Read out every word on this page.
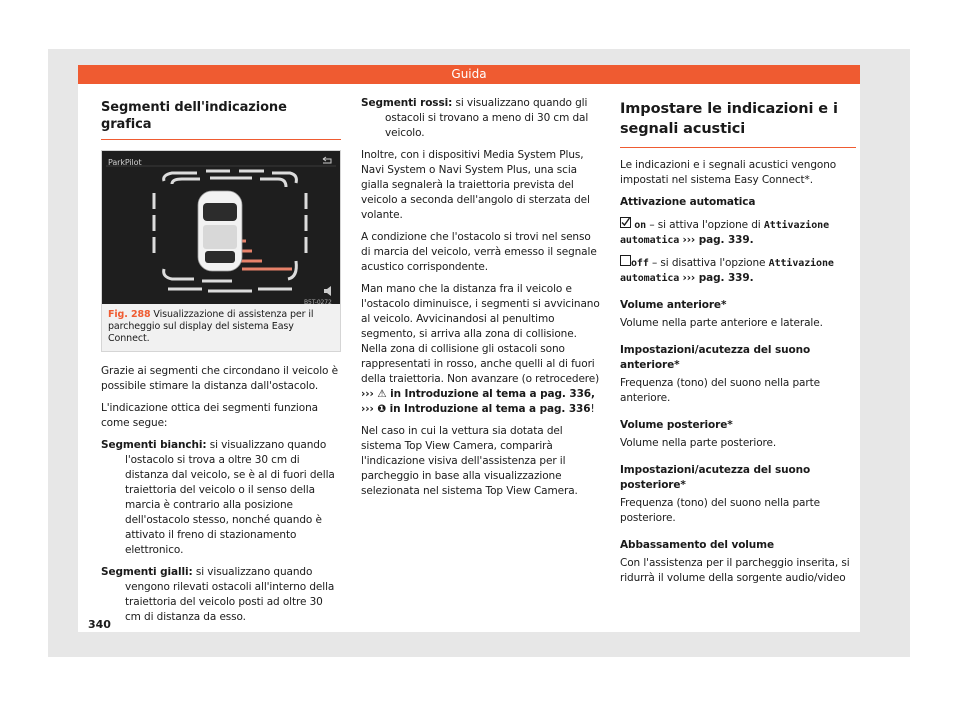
Guida
Segmenti dell'indicazione grafica
ParkPilot
B5T-0272
Fig. 288 Visualizzazione di assistenza per il parcheggio sul display del sistema Easy Connect.

Grazie ai segmenti che circondano il veicolo è possibile stimare la distanza dall'ostacolo.

L'indicazione ottica dei segmenti funziona come segue:

Segmenti bianchi: si visualizzano quando l'ostacolo si trova a oltre 30 cm di distanza dal veicolo, se è al di fuori della traiettoria del veicolo o il senso della marcia è contrario alla posizione dell'ostacolo stesso, nonché quando è attivato il freno di stazionamento elettronico.
Segmenti gialli: si visualizzano quando vengono rilevati ostacoli all'interno della traiettoria del veicolo posti ad oltre 30 cm di distanza da esso.
Segmenti rossi: si visualizzano quando gli ostacoli si trovano a meno di 30 cm dal veicolo.

Inoltre, con i dispositivi Media System Plus, Navi System o Navi System Plus, una scia gialla segnalerà la traiettoria prevista del veicolo a seconda dell'angolo di sterzata del volante.

A condizione che l'ostacolo si trovi nel senso di marcia del veicolo, verrà emesso il segnale acustico corrispondente.

Man mano che la distanza fra il veicolo e l'ostacolo diminuisce, i segmenti si avvicinano al veicolo. Avvicinandosi al penultimo segmento, si arriva alla zona di collisione. Nella zona di collisione gli ostacoli sono rappresentati in rosso, anche quelli al di fuori della traiettoria. Non avanzare (o retrocedere) ››› ⚠ in Introduzione al tema a pag. 336, ››› ❶ in Introduzione al tema a pag. 336!

Nel caso in cui la vettura sia dotata del sistema Top View Camera, comparirà l'indicazione visiva dell'assistenza per il parcheggio in base alla visualizzazione selezionata nel sistema Top View Camera.

Impostare le indicazioni e i segnali acustici

Le indicazioni e i segnali acustici vengono impostati nel sistema Easy Connect*.

Attivazione automatica

on – si attiva l'opzione di Attivazione automatica ››› pag. 339.

off – si disattiva l'opzione Attivazione automatica ››› pag. 339.

Volume anteriore*

Volume nella parte anteriore e laterale.

Impostazioni/acutezza del suono anteriore*

Frequenza (tono) del suono nella parte anteriore.

Volume posteriore*

Volume nella parte posteriore.

Impostazioni/acutezza del suono posteriore*

Frequenza (tono) del suono nella parte posteriore.

Abbassamento del volume

Con l'assistenza per il parcheggio inserita, si ridurrà il volume della sorgente audio/video

340
